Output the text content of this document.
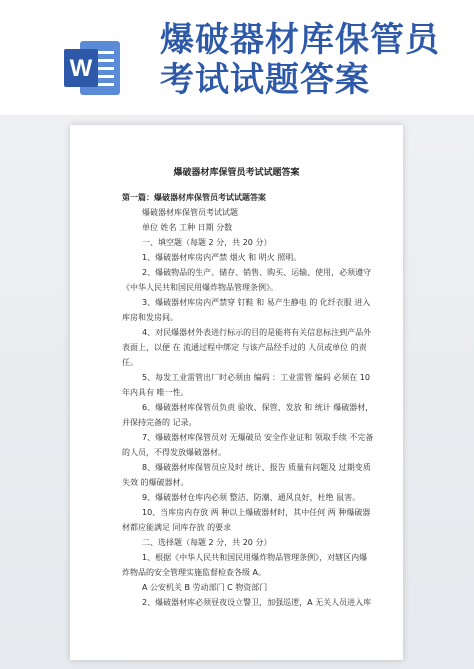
W
爆破器材库保管员考试试题答案
爆破器材库保管员考试试题答案
第一篇：爆破器材库保管员考试试题答案
爆破器材库保管员考试试题
单位 姓名 工种 日期 分数
一、填空题（每题 2 分，共 20 分）
1、爆破器材库房内严禁 烟火 和 明火 照明。
2、爆破物品的生产、储存、销售、购买、运输、使用，必须遵守
《中华人民共和国民用爆炸物品管理条例》。
3、爆破器材库房内严禁穿 钉鞋 和 易产生静电 的 化纤衣服 进入
库房和发房间。
4、对民爆器材外表进行标示的目的是能将有关信息标注到产品外
表面上，以便 在 流通过程中绑定 与该产品经手过的 人员或单位 的责
任。
5、每发工业雷管出厂时必须由 编码 ：工业雷管 编码 必须在 10
年内具有 唯一性。
6、爆破器材库保管员负责 验收、保管、发放 和 统计 爆破器材，
并保持完备的 记录。
7、爆破器材库保管员对 无爆破员 安全作业证和 领取手续 不完备
的人员，不得发放爆破器材。
8、爆破器材库保管员应及时 统计、报告 质量有问题及 过期变质
失效 的爆破器材。
9、爆破器材仓库内必须 整洁、防潮、通风良好，杜绝 鼠害。
10、当库房内存放 两 种以上爆破器材时，其中任何 两 种爆破器
材都应能满足 同库存放 的要求
二、选择题（每题 2 分，共 20 分）
1、根据《中华人民共和国民用爆炸物品管理条例》，对辖区内爆
炸物品的安全管理实施监督检查各级 A。
A 公安机关 B 劳动部门 C 物资部门
2、爆破器材库必须昼夜设立警卫，加强巡逻，A 无关人员进入库
